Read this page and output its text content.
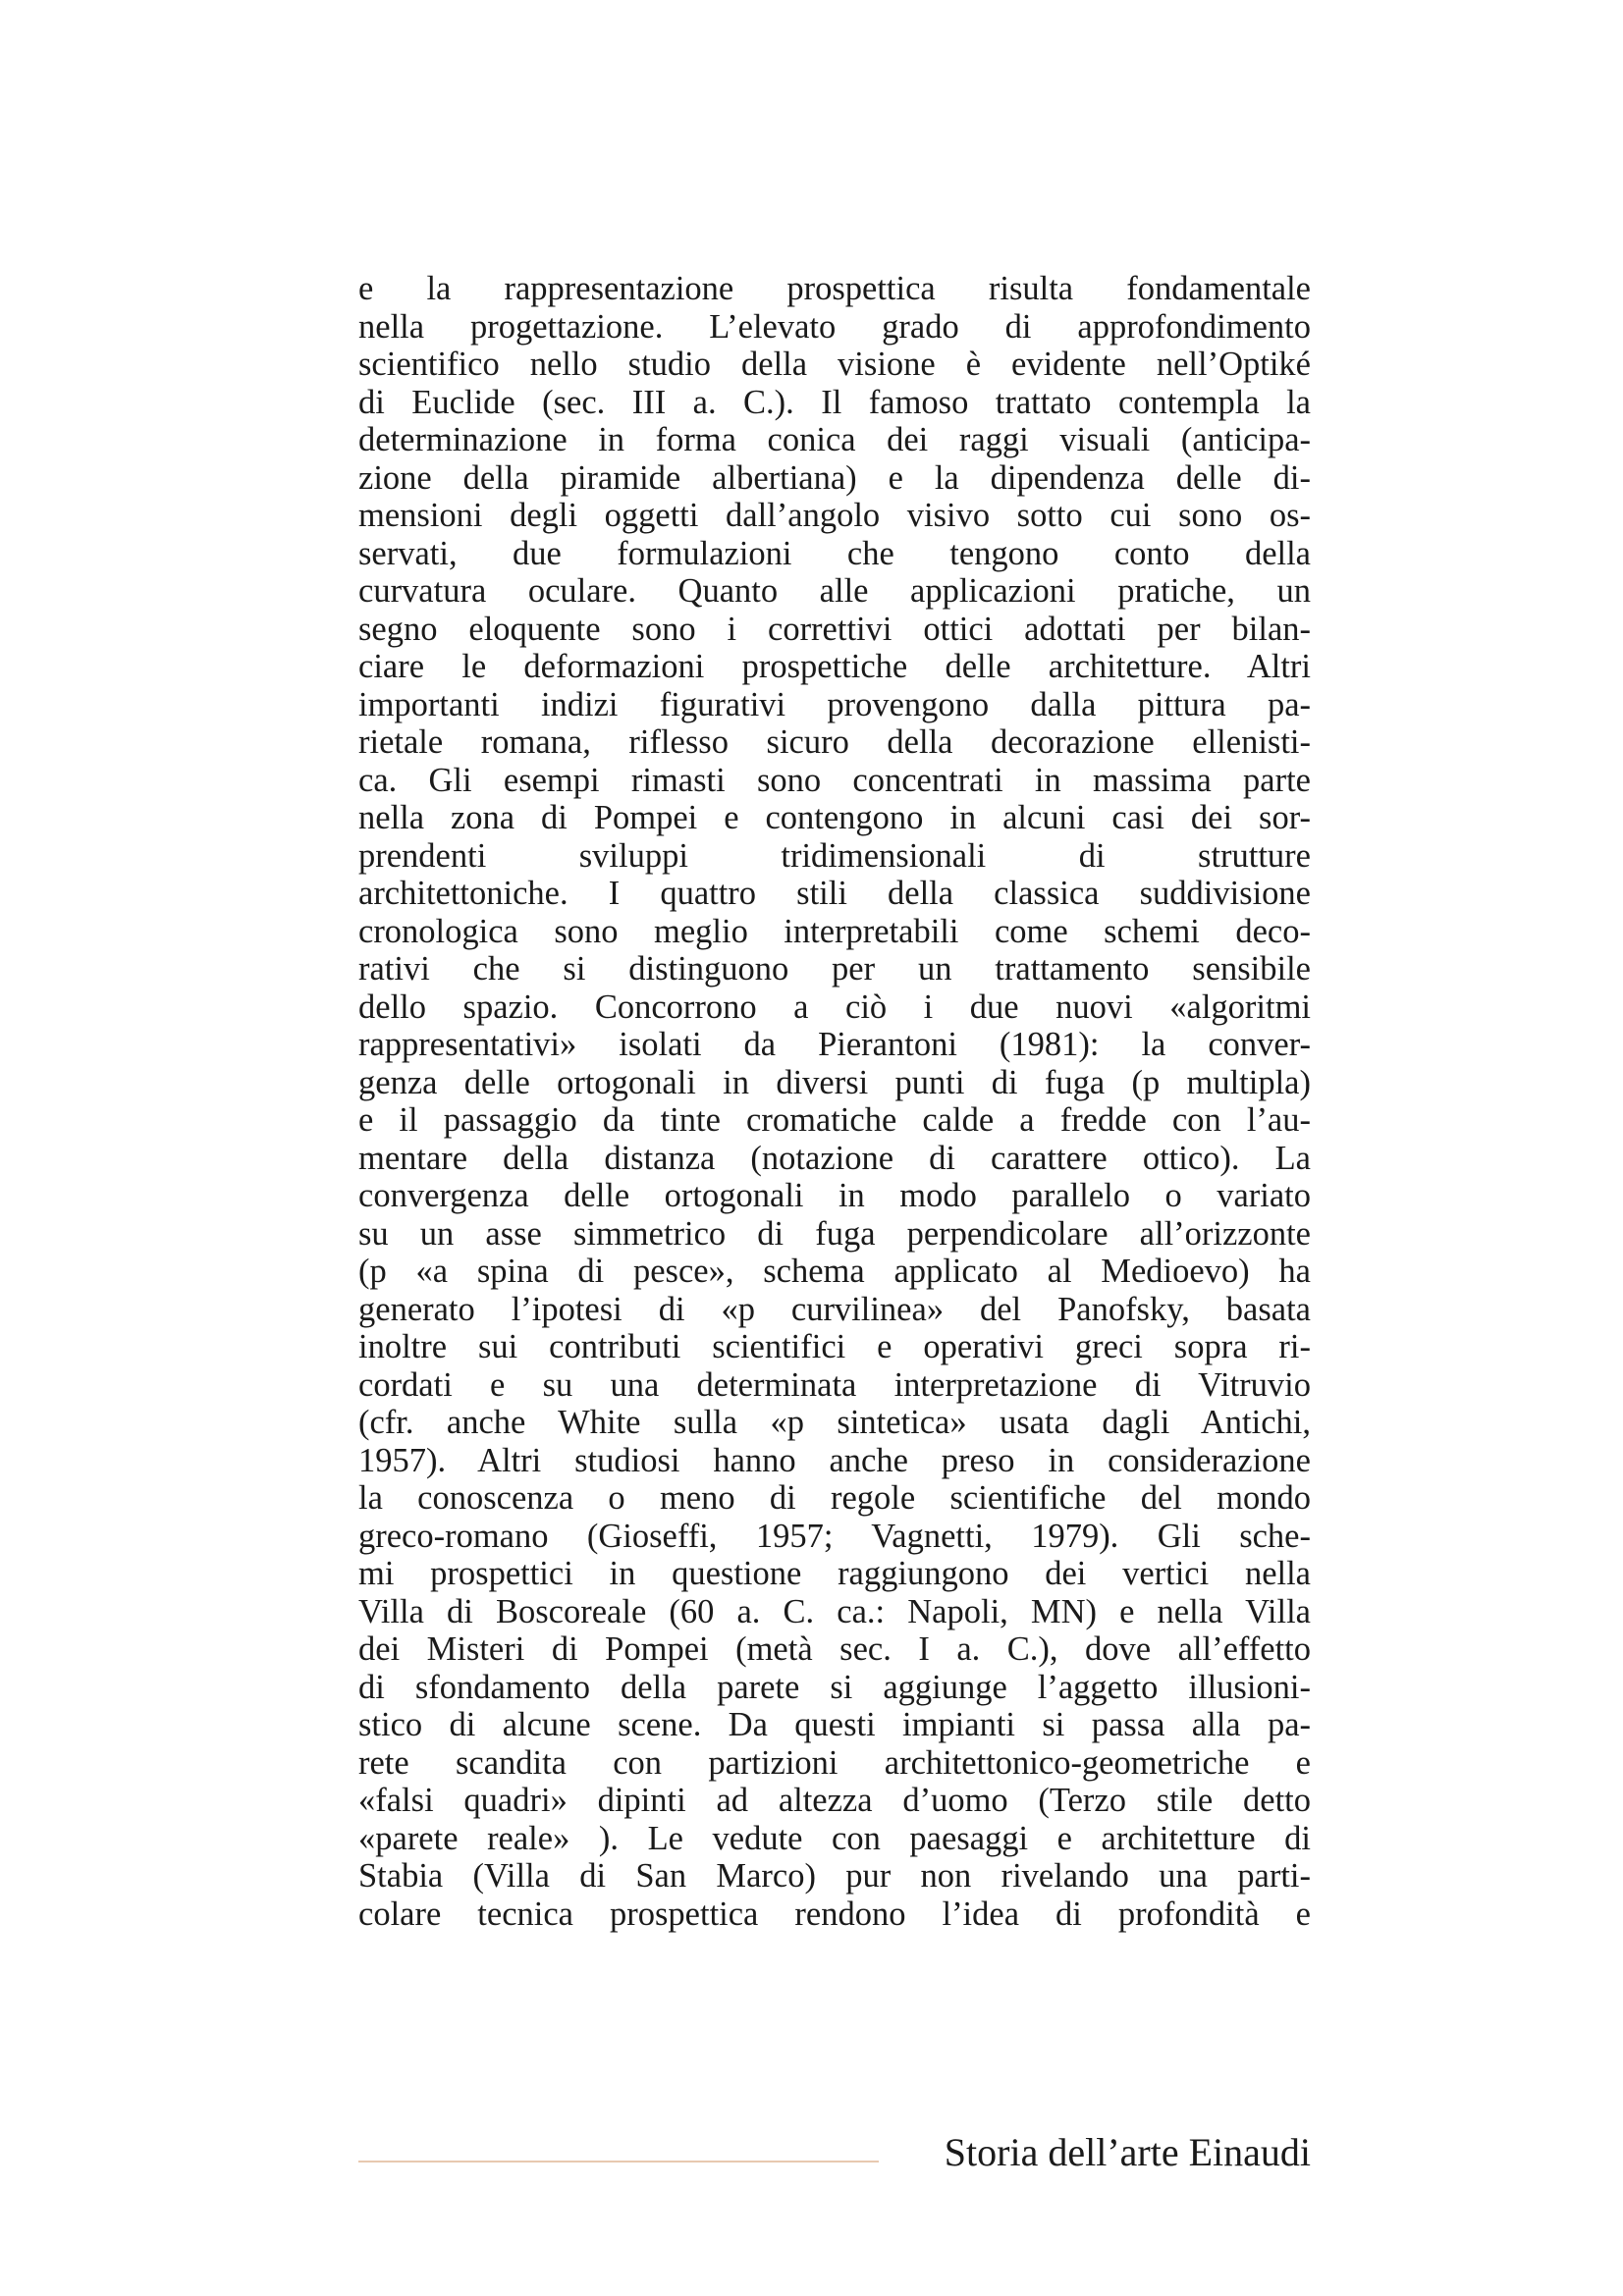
e la rappresentazione prospettica risulta fondamentale
nella progettazione. L’elevato grado di approfondimento
scientifico nello studio della visione è evidente nell’Optiké
di Euclide (sec. III a. C.). Il famoso trattato contempla la
determinazione in forma conica dei raggi visuali (anticipa-
zione della piramide albertiana) e la dipendenza delle di-
mensioni degli oggetti dall’angolo visivo sotto cui sono os-
servati, due formulazioni che tengono conto della
curvatura oculare. Quanto alle applicazioni pratiche, un
segno eloquente sono i correttivi ottici adottati per bilan-
ciare le deformazioni prospettiche delle architetture. Altri
importanti indizi figurativi provengono dalla pittura pa-
rietale romana, riflesso sicuro della decorazione ellenisti-
ca. Gli esempi rimasti sono concentrati in massima parte
nella zona di Pompei e contengono in alcuni casi dei sor-
prendenti sviluppi tridimensionali di strutture
architettoniche. I quattro stili della classica suddivisione
cronologica sono meglio interpretabili come schemi deco-
rativi che si distinguono per un trattamento sensibile
dello spazio. Concorrono a ciò i due nuovi «algoritmi
rappresentativi» isolati da Pierantoni (1981): la conver-
genza delle ortogonali in diversi punti di fuga (p multipla)
e il passaggio da tinte cromatiche calde a fredde con l’au-
mentare della distanza (notazione di carattere ottico). La
convergenza delle ortogonali in modo parallelo o variato
su un asse simmetrico di fuga perpendicolare all’orizzonte
(p «a spina di pesce», schema applicato al Medioevo) ha
generato l’ipotesi di «p curvilinea» del Panofsky, basata
inoltre sui contributi scientifici e operativi greci sopra ri-
cordati e su una determinata interpretazione di Vitruvio
(cfr. anche White sulla «p sintetica» usata dagli Antichi,
1957). Altri studiosi hanno anche preso in considerazione
la conoscenza o meno di regole scientifiche del mondo
greco-romano (Gioseffi, 1957; Vagnetti, 1979). Gli sche-
mi prospettici in questione raggiungono dei vertici nella
Villa di Boscoreale (60 a. C. ca.: Napoli, MN) e nella Villa
dei Misteri di Pompei (metà sec. I a. C.), dove all’effetto
di sfondamento della parete si aggiunge l’aggetto illusioni-
stico di alcune scene. Da questi impianti si passa alla pa-
rete scandita con partizioni architettonico-geometriche e
«falsi quadri» dipinti ad altezza d’uomo (Terzo stile detto
«parete reale» ). Le vedute con paesaggi e architetture di
Stabia (Villa di San Marco) pur non rivelando una parti-
colare tecnica prospettica rendono l’idea di profondità e
Storia dell’arte Einaudi
